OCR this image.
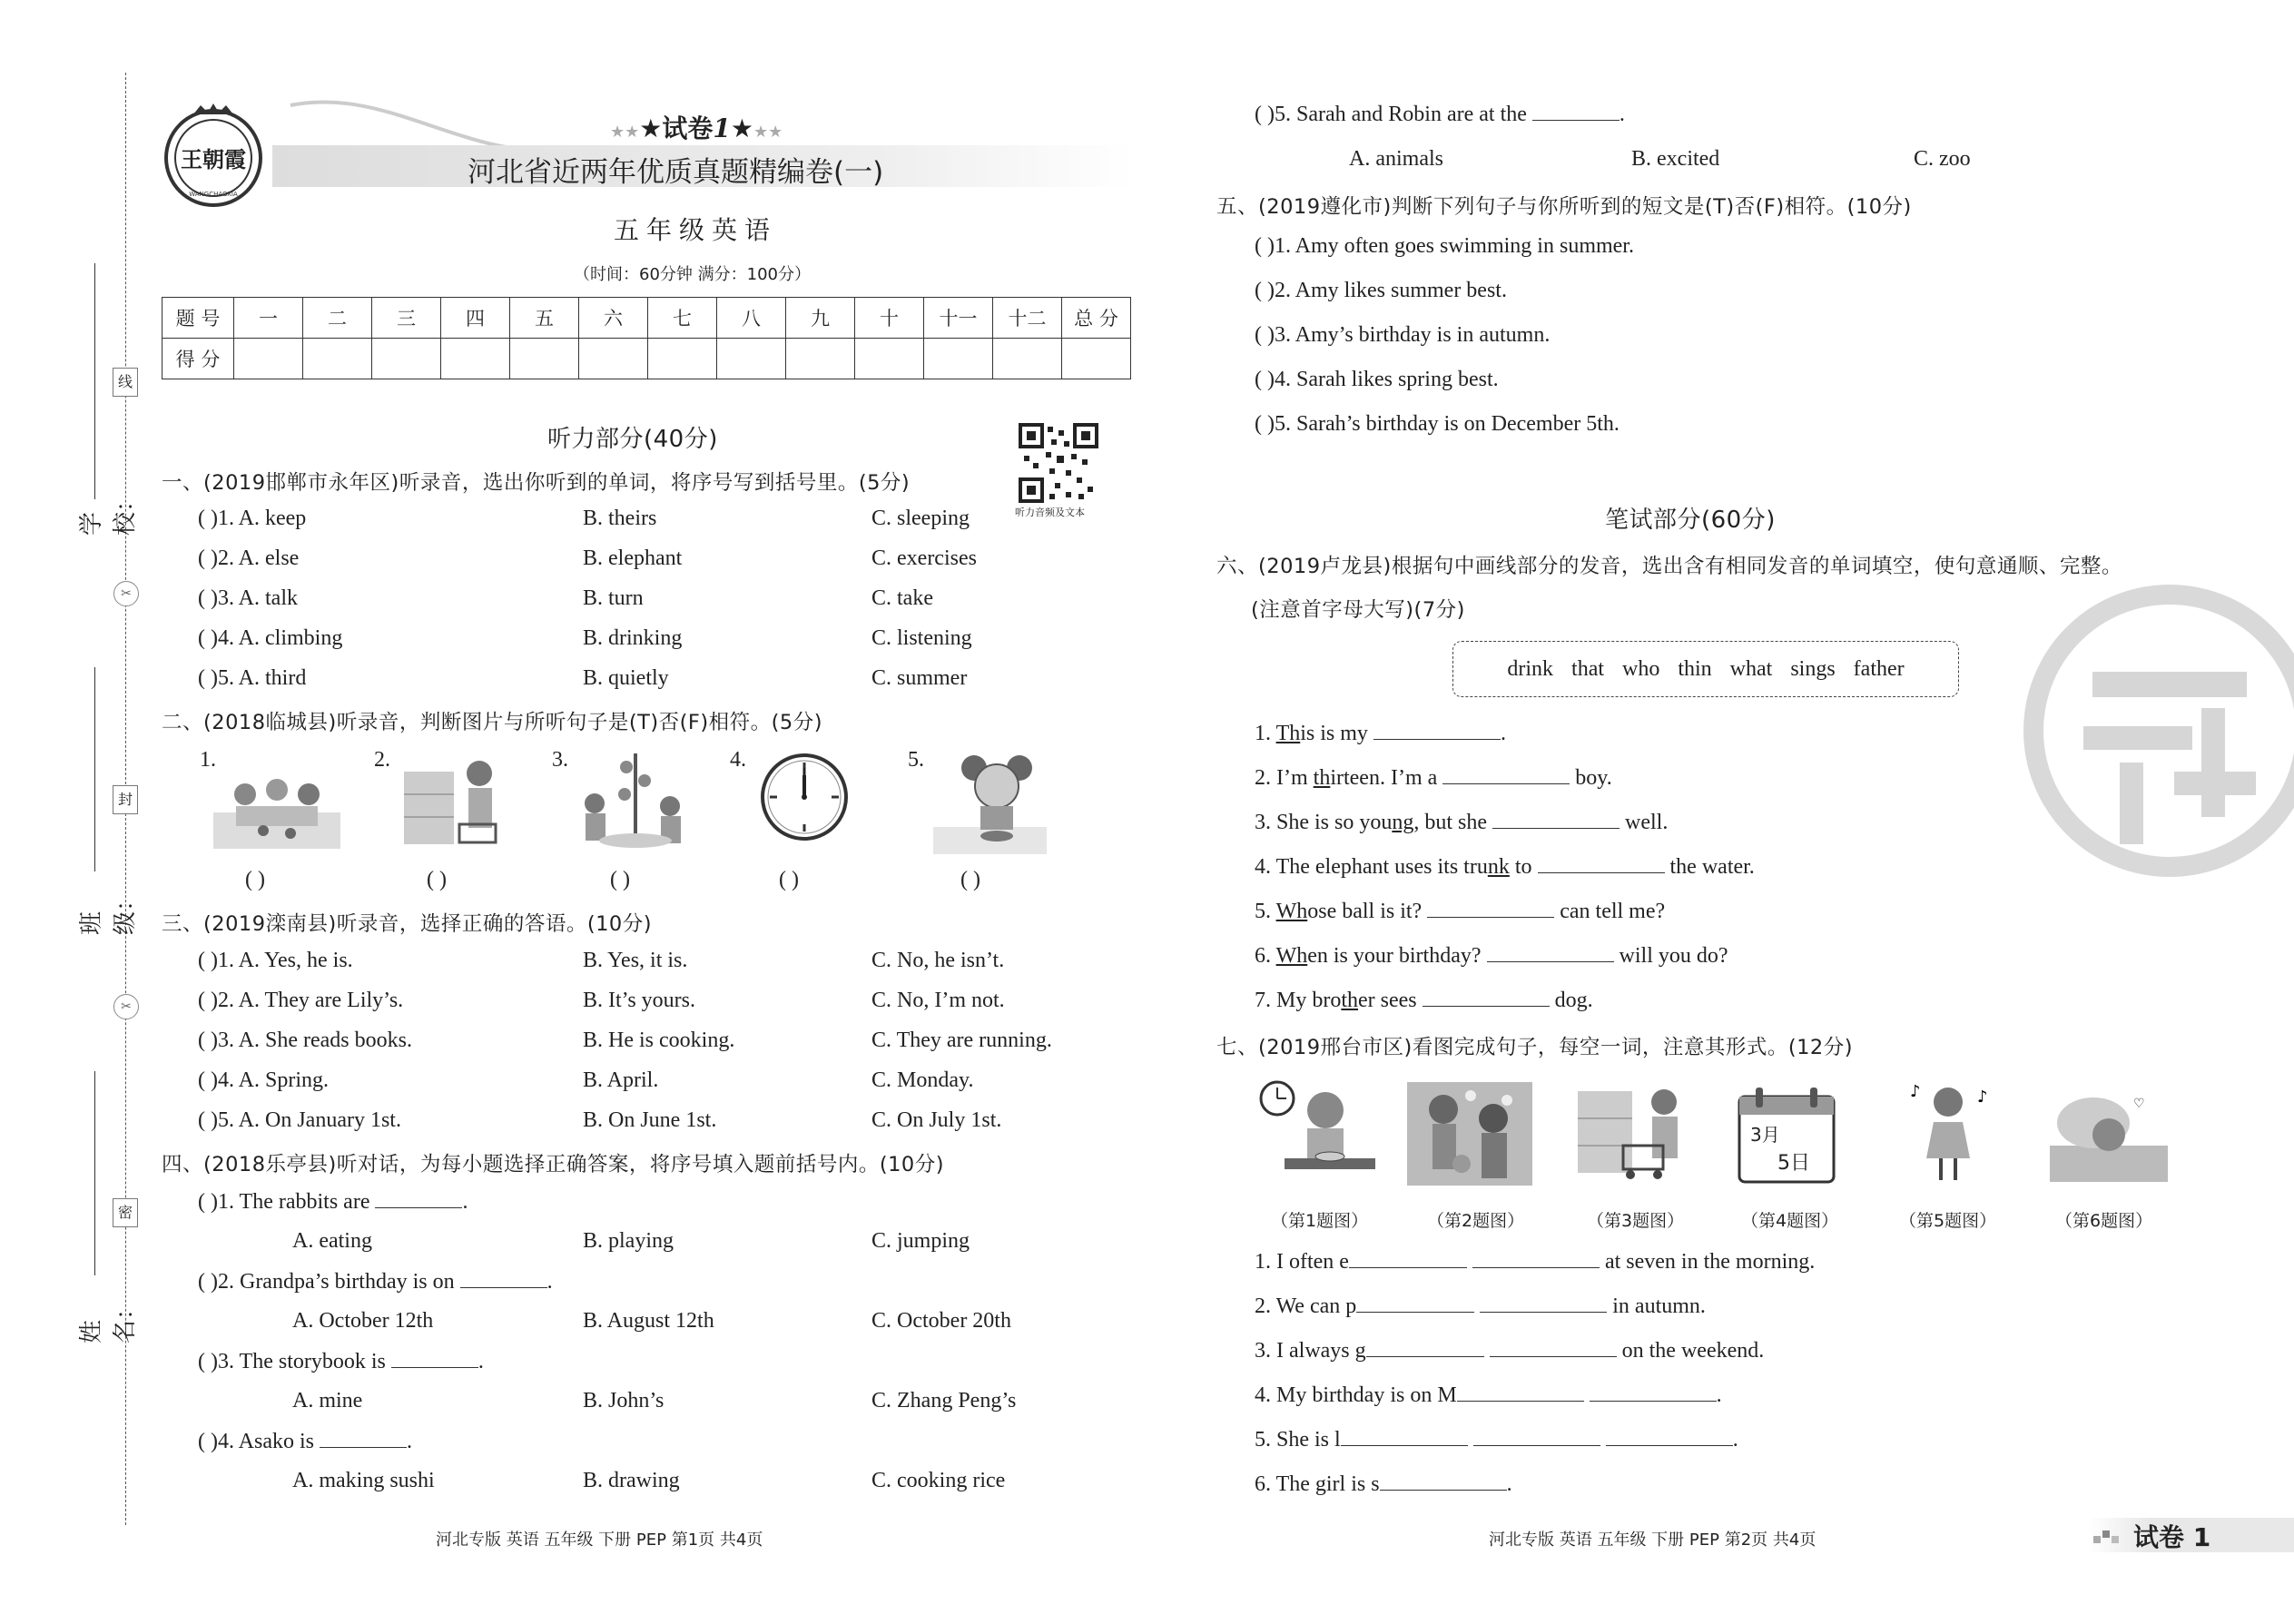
学校：
班级：
姓名：
线
✂
封
✂
密
王朝霞
WANGCHAOXIA
★★★试卷1★★★
河北省近两年优质真题精编卷(一)
五年级英语
（时间：60分钟 满分：100分）
题 号	一	二	三	四	五	六	七	八	九	十	十一	十二	总 分
得 分													
听力部分(40分)
听力音频及文本
一、(2019邯郸市永年区)听录音，选出你听到的单词，将序号写到括号里。(5分)
( )1. A. keep	B. theirs	C. sleeping
( )2. A. else	B. elephant	C. exercises
( )3. A. talk	B. turn	C. take
( )4. A. climbing	B. drinking	C. listening
( )5. A. third	B. quietly	C. summer
二、(2018临城县)听录音，判断图片与所听句子是(T)否(F)相符。(5分)
1.	2.	3.	4.	5.
( )	( )	( )	( )	( )
三、(2019滦南县)听录音，选择正确的答语。(10分)
( )1. A. Yes, he is.	B. Yes, it is.	C. No, he isn’t.
( )2. A. They are Lily’s.	B. It’s yours.	C. No, I’m not.
( )3. A. She reads books.	B. He is cooking.	C. They are running.
( )4. A. Spring.	B. April.	C. Monday.
( )5. A. On January 1st.	B. On June 1st.	C. On July 1st.
四、(2018乐亭县)听对话，为每小题选择正确答案，将序号填入题前括号内。(10分)
( )1. The rabbits are	.
A. eating	B. playing	C. jumping
( )2. Grandpa’s birthday is on	.
A. October 12th	B. August 12th	C. October 20th
( )3. The storybook is	.
A. mine	B. John’s	C. Zhang Peng’s
( )4. Asako is	.
A. making sushi	B. drawing	C. cooking rice
河北专版 英语 五年级 下册 PEP 第1页 共4页
( )5. Sarah and Robin are at the	.
A. animals	B. excited	C. zoo
五、(2019遵化市)判断下列句子与你所听到的短文是(T)否(F)相符。(10分)
( )1. Amy often goes swimming in summer.
( )2. Amy likes summer best.
( )3. Amy’s birthday is in autumn.
( )4. Sarah likes spring best.
( )5. Sarah’s birthday is on December 5th.
笔试部分(60分)
六、(2019卢龙县)根据句中画线部分的发音，选出含有相同发音的单词填空，使句意通顺、完整。
(注意首字母大写)(7分)
drink that who thin what sings father
1. This is my	.
2. I’m thirteen. I’m a	boy.
3. She is so young, but she	well.
4. The elephant uses its trunk to	the water.
5. Whose ball is it?	can tell me?
6. When is your birthday?	will you do?
7. My brother sees	dog.
七、(2019邢台市区)看图完成句子，每空一词，注意其形式。(12分)
3月
5日
♪	♪	♡
（第1题图）	（第2题图）	（第3题图）	（第4题图）	（第5题图）	（第6题图）
1. I often e	at seven in the morning.
2. We can p	in autumn.
3. I always g	on the weekend.
4. My birthday is on M	.
5. She is l	.
6. The girl is s	.
河北专版 英语 五年级 下册 PEP 第2页 共4页	试卷 1
